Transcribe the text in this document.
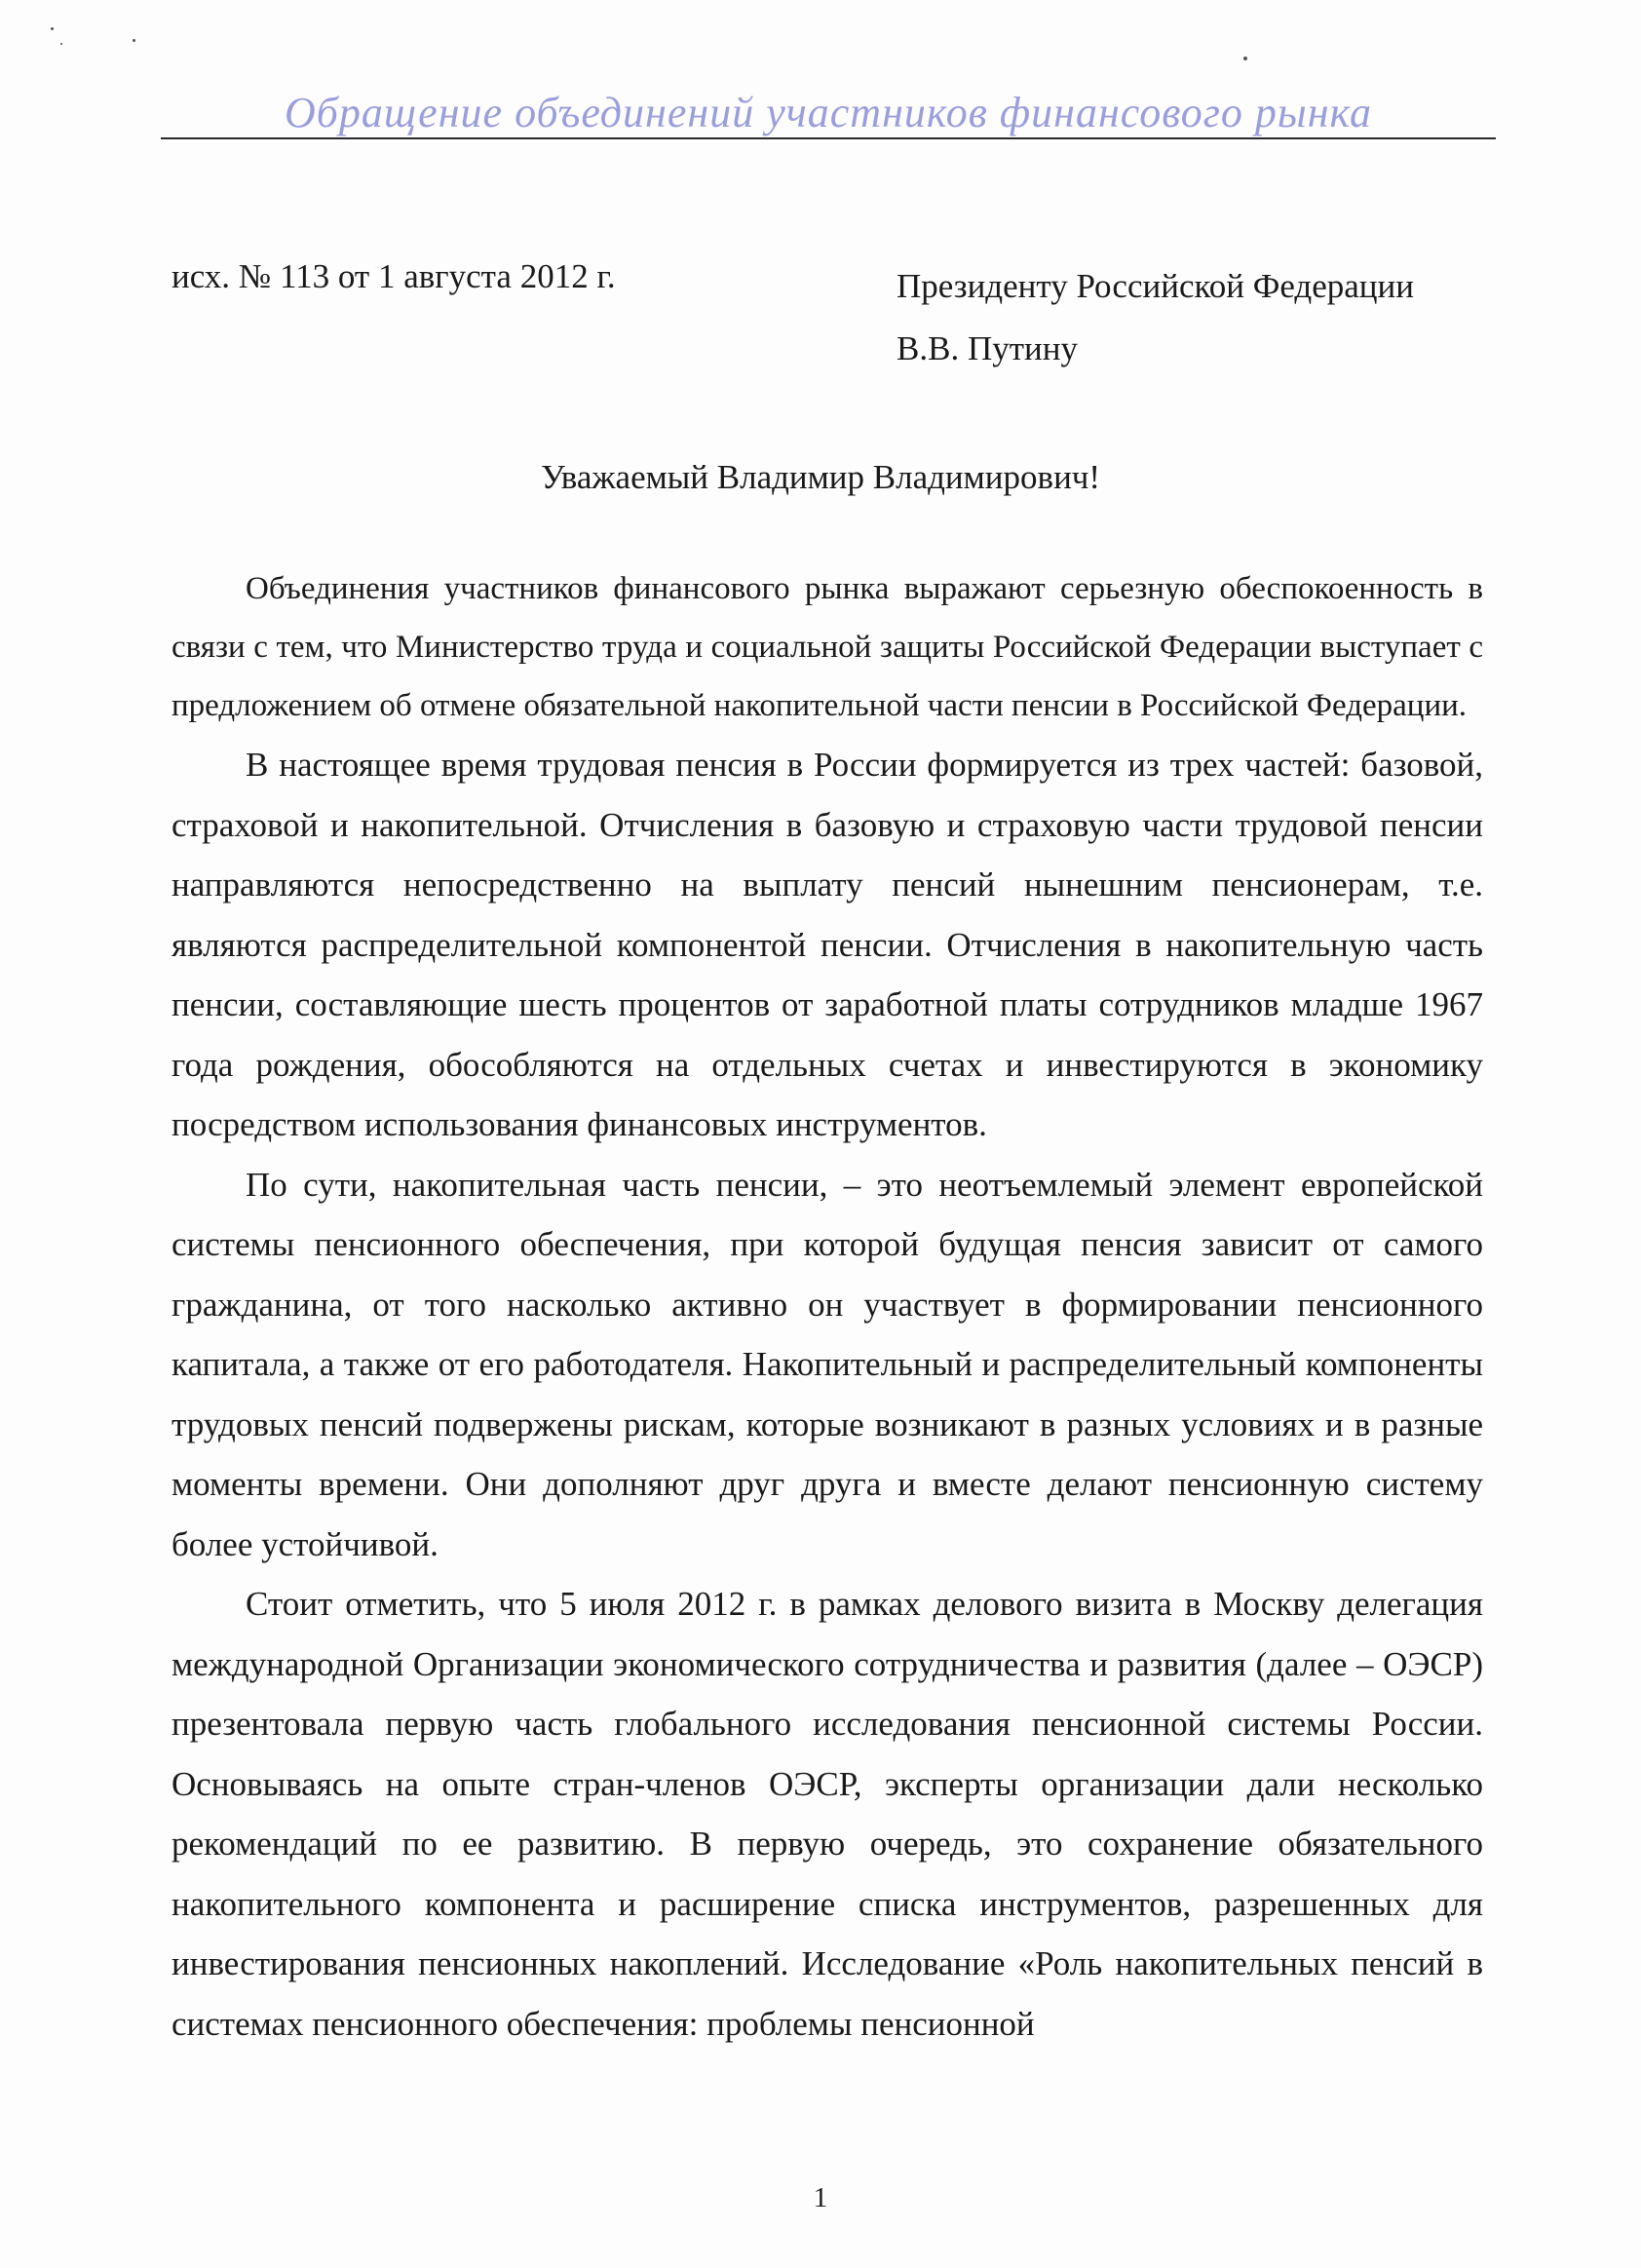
Обращение объединений участников финансового рынка
исх. № 113 от 1 августа 2012 г.	Президенту Российской Федерации
В.В. Путину
Уважаемый Владимир Владимирович!

Объединения участников финансового рынка выражают серьезную обеспокоенность в связи с тем, что Министерство труда и социальной защиты Российской Федерации выступает с предложением об отмене обязательной накопительной части пенсии в Российской Федерации.

В настоящее время трудовая пенсия в России формируется из трех частей: базовой, страховой и накопительной. Отчисления в базовую и страховую части трудовой пенсии направляются непосредственно на выплату пенсий нынешним пенсионерам, т.е. являются распределительной компонентой пенсии. Отчисления в накопительную часть пенсии, составляющие шесть процентов от заработной платы сотрудников младше 1967 года рождения, обособляются на отдельных счетах и инвестируются в экономику посредством использования финансовых инструментов.

По сути, накопительная часть пенсии, – это неотъемлемый элемент европейской системы пенсионного обеспечения, при которой будущая пенсия зависит от самого гражданина, от того насколько активно он участвует в формировании пенсионного капитала, а также от его работодателя. Накопительный и распределительный компоненты трудовых пенсий подвержены рискам, которые возникают в разных условиях и в разные моменты времени. Они дополняют друг друга и вместе делают пенсионную систему более устойчивой.

Стоит отметить, что 5 июля 2012 г. в рамках делового визита в Москву делегация международной Организации экономического сотрудничества и развития (далее – ОЭСР) презентовала первую часть глобального исследования пенсионной системы России. Основываясь на опыте стран-членов ОЭСР, эксперты организации дали несколько рекомендаций по ее развитию. В первую очередь, это сохранение обязательного накопительного компонента и расширение списка инструментов, разрешенных для инвестирования пенсионных накоплений. Исследование «Роль накопительных пенсий в системах пенсионного обеспечения: проблемы пенсионной

1
